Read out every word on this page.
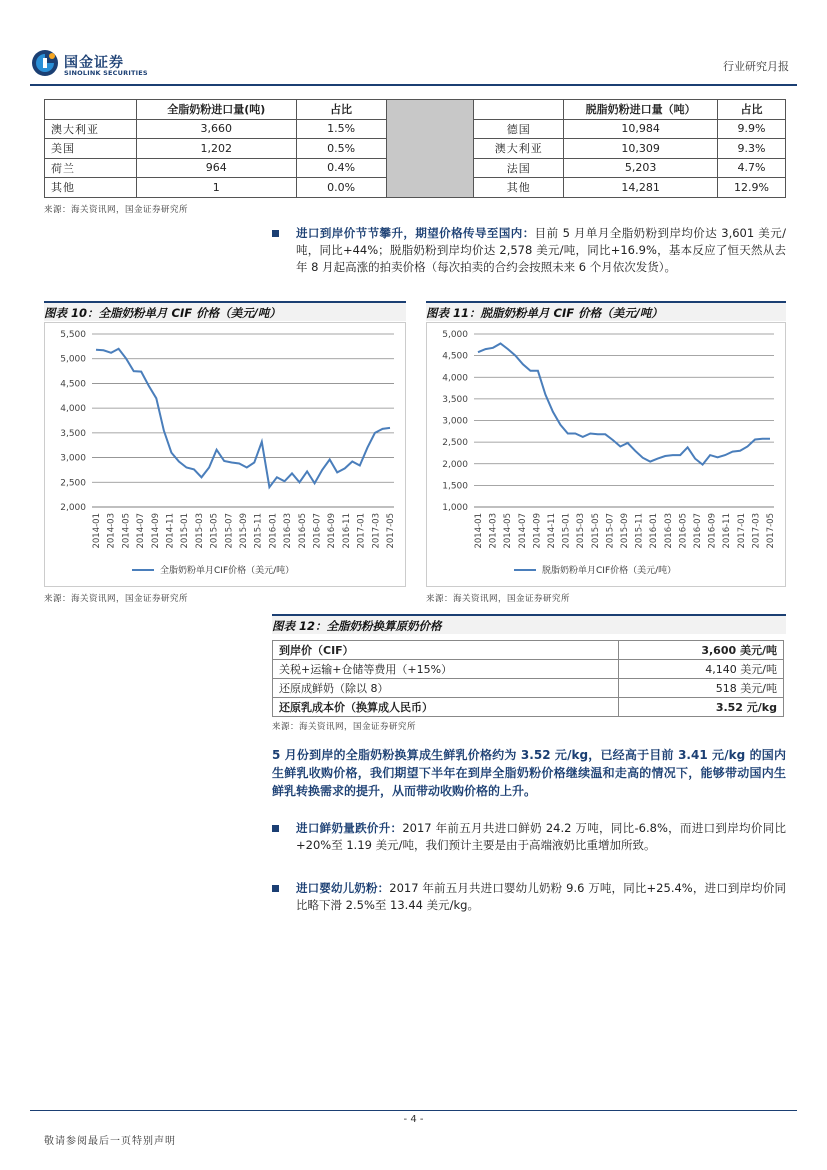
国金证券
SINOLINK SECURITIES	行业研究月报
	全脂奶粉进口量(吨)	占比			脱脂奶粉进口量（吨）	占比
澳大利亚	3,660	1.5%		德国	10,984	9.9%
美国	1,202	0.5%		澳大利亚	10,309	9.3%
荷兰	964	0.4%		法国	5,203	4.7%
其他	1	0.0%		其他	14,281	12.9%
来源：海关资讯网，国金证券研究所
进口到岸价节节攀升，期望价格传导至国内：目前 5 月单月全脂奶粉到岸均价达 3,601 美元/吨，同比+44%；脱脂奶粉到岸均价达 2,578 美元/吨，同比+16.9%，基本反应了恒天然从去年 8 月起高涨的拍卖价格（每次拍卖的合约会按照未来 6 个月依次发货）。
图表 10：全脂奶粉单月 CIF 价格（美元/吨）	图表 11：脱脂奶粉单月 CIF 价格（美元/吨）
2,000
2,500
3,000
3,500
4,000
4,500
5,000
5,500
2014-01 2014-03 2014-05 2014-07 2014-09 2014-11 2015-01 2015-03 2015-05 2015-07 2015-09 2015-11 2016-01 2016-03 2016-05 2016-07 2016-09 2016-11 2017-01 2017-03 2017-05
全脂奶粉单月CIF价格（美元/吨）
1,000
1,500
2,000
2,500
3,000
3,500
4,000
4,500
5,000
2014-01 2014-03 2014-05 2014-07 2014-09 2014-11 2015-01 2015-03 2015-05 2015-07 2015-09 2015-11 2016-01 2016-03 2016-05 2016-07 2016-09 2016-11 2017-01 2017-03 2017-05
脱脂奶粉单月CIF价格（美元/吨）
来源：海关资讯网，国金证券研究所	来源：海关资讯网，国金证券研究所
图表 12：全脂奶粉换算原奶价格
到岸价（CIF）	3,600 美元/吨
关税+运输+仓储等费用（+15%）	4,140 美元/吨
还原成鲜奶（除以 8）	518 美元/吨
还原乳成本价（换算成人民币）	3.52 元/kg
来源：海关资讯网，国金证券研究所
5 月份到岸的全脂奶粉换算成生鲜乳价格约为 3.52 元/kg，已经高于目前 3.41 元/kg 的国内生鲜乳收购价格，我们期望下半年在到岸全脂奶粉价格继续温和走高的情况下，能够带动国内生鲜乳转换需求的提升，从而带动收购价格的上升。
进口鲜奶量跌价升：2017 年前五月共进口鲜奶 24.2 万吨，同比-6.8%，而进口到岸均价同比+20%至 1.19 美元/吨，我们预计主要是由于高端液奶比重增加所致。
进口婴幼儿奶粉：2017 年前五月共进口婴幼儿奶粉 9.6 万吨，同比+25.4%，进口到岸均价同比略下滑 2.5%至 13.44 美元/kg。
- 4 -
敬请参阅最后一页特别声明
